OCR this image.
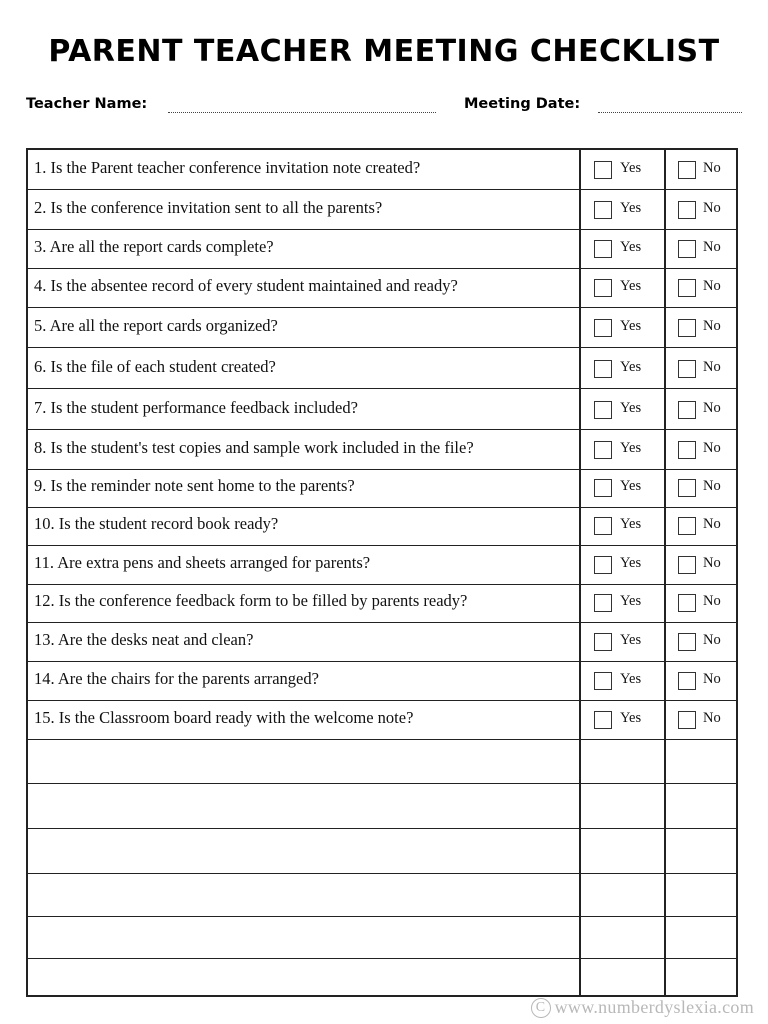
PARENT TEACHER MEETING CHECKLIST
Teacher Name:	Meeting Date:
1. Is the Parent teacher conference invitation note created?	Yes	No
2. Is the conference invitation sent to all the parents?	Yes	No
3. Are all the report cards complete?	Yes	No
4. Is the absentee record of every student maintained and ready?	Yes	No
5. Are all the report cards organized?	Yes	No
6. Is the file of each student created?	Yes	No
7. Is the student performance feedback included?	Yes	No
8. Is the student's test copies and sample work included in the file?	Yes	No
9. Is the reminder note sent home to the parents?	Yes	No
10. Is the student record book ready?	Yes	No
11. Are extra pens and sheets arranged for parents?	Yes	No
12. Is the conference feedback form to be filled by parents ready?	Yes	No
13. Are the desks neat and clean?	Yes	No
14. Are the chairs for the parents arranged?	Yes	No
15. Is the Classroom board ready with the welcome note?	Yes	No
C www.numberdyslexia.com
